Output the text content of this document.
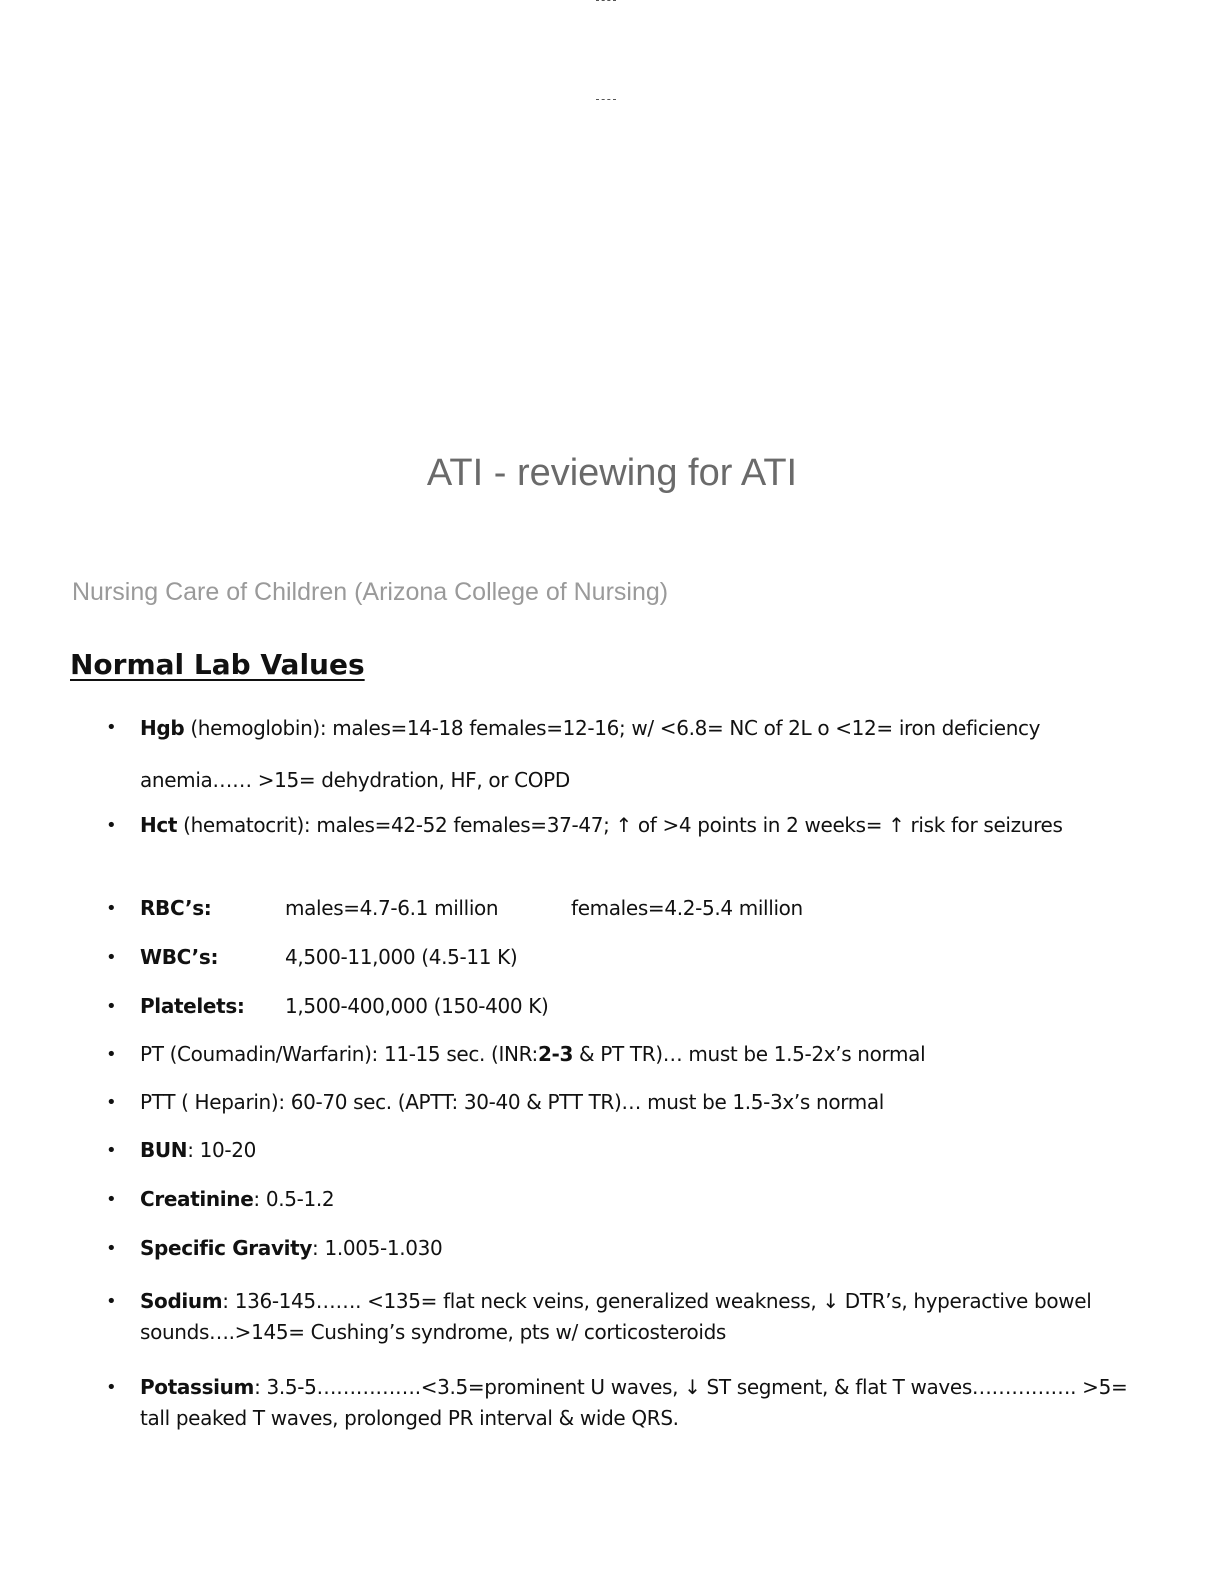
ATI - reviewing for ATI
Nursing Care of Children (Arizona College of Nursing)
Normal Lab Values
• Hgb (hemoglobin): males=14-18 females=12-16; w/ <6.8= NC of 2L o <12= iron deficiency anemia…… >15= dehydration, HF, or COPD
• Hct (hematocrit): males=42-52 females=37-47; ↑ of >4 points in 2 weeks= ↑ risk for seizures
• RBC’s:	males=4.7-6.1 million	females=4.2-5.4 million
• WBC’s:	4,500-11,000 (4.5-11 K)
• Platelets: 1,500-400,000 (150-400 K)
• PT (Coumadin/Warfarin): 11-15 sec. (INR:2-3 & PT TR)… must be 1.5-2x’s normal
• PTT ( Heparin): 60-70 sec. (APTT: 30-40 & PTT TR)… must be 1.5-3x’s normal
• BUN: 10-20
• Creatinine: 0.5-1.2
• Specific Gravity: 1.005-1.030
• Sodium: 136-145……. <135= flat neck veins, generalized weakness, ↓ DTR’s, hyperactive bowel sounds….>145= Cushing’s syndrome, pts w/ corticosteroids
• Potassium: 3.5-5…………….<3.5=prominent U waves, ↓ ST segment, & flat T waves……………. >5= tall peaked T waves, prolonged PR interval & wide QRS.
